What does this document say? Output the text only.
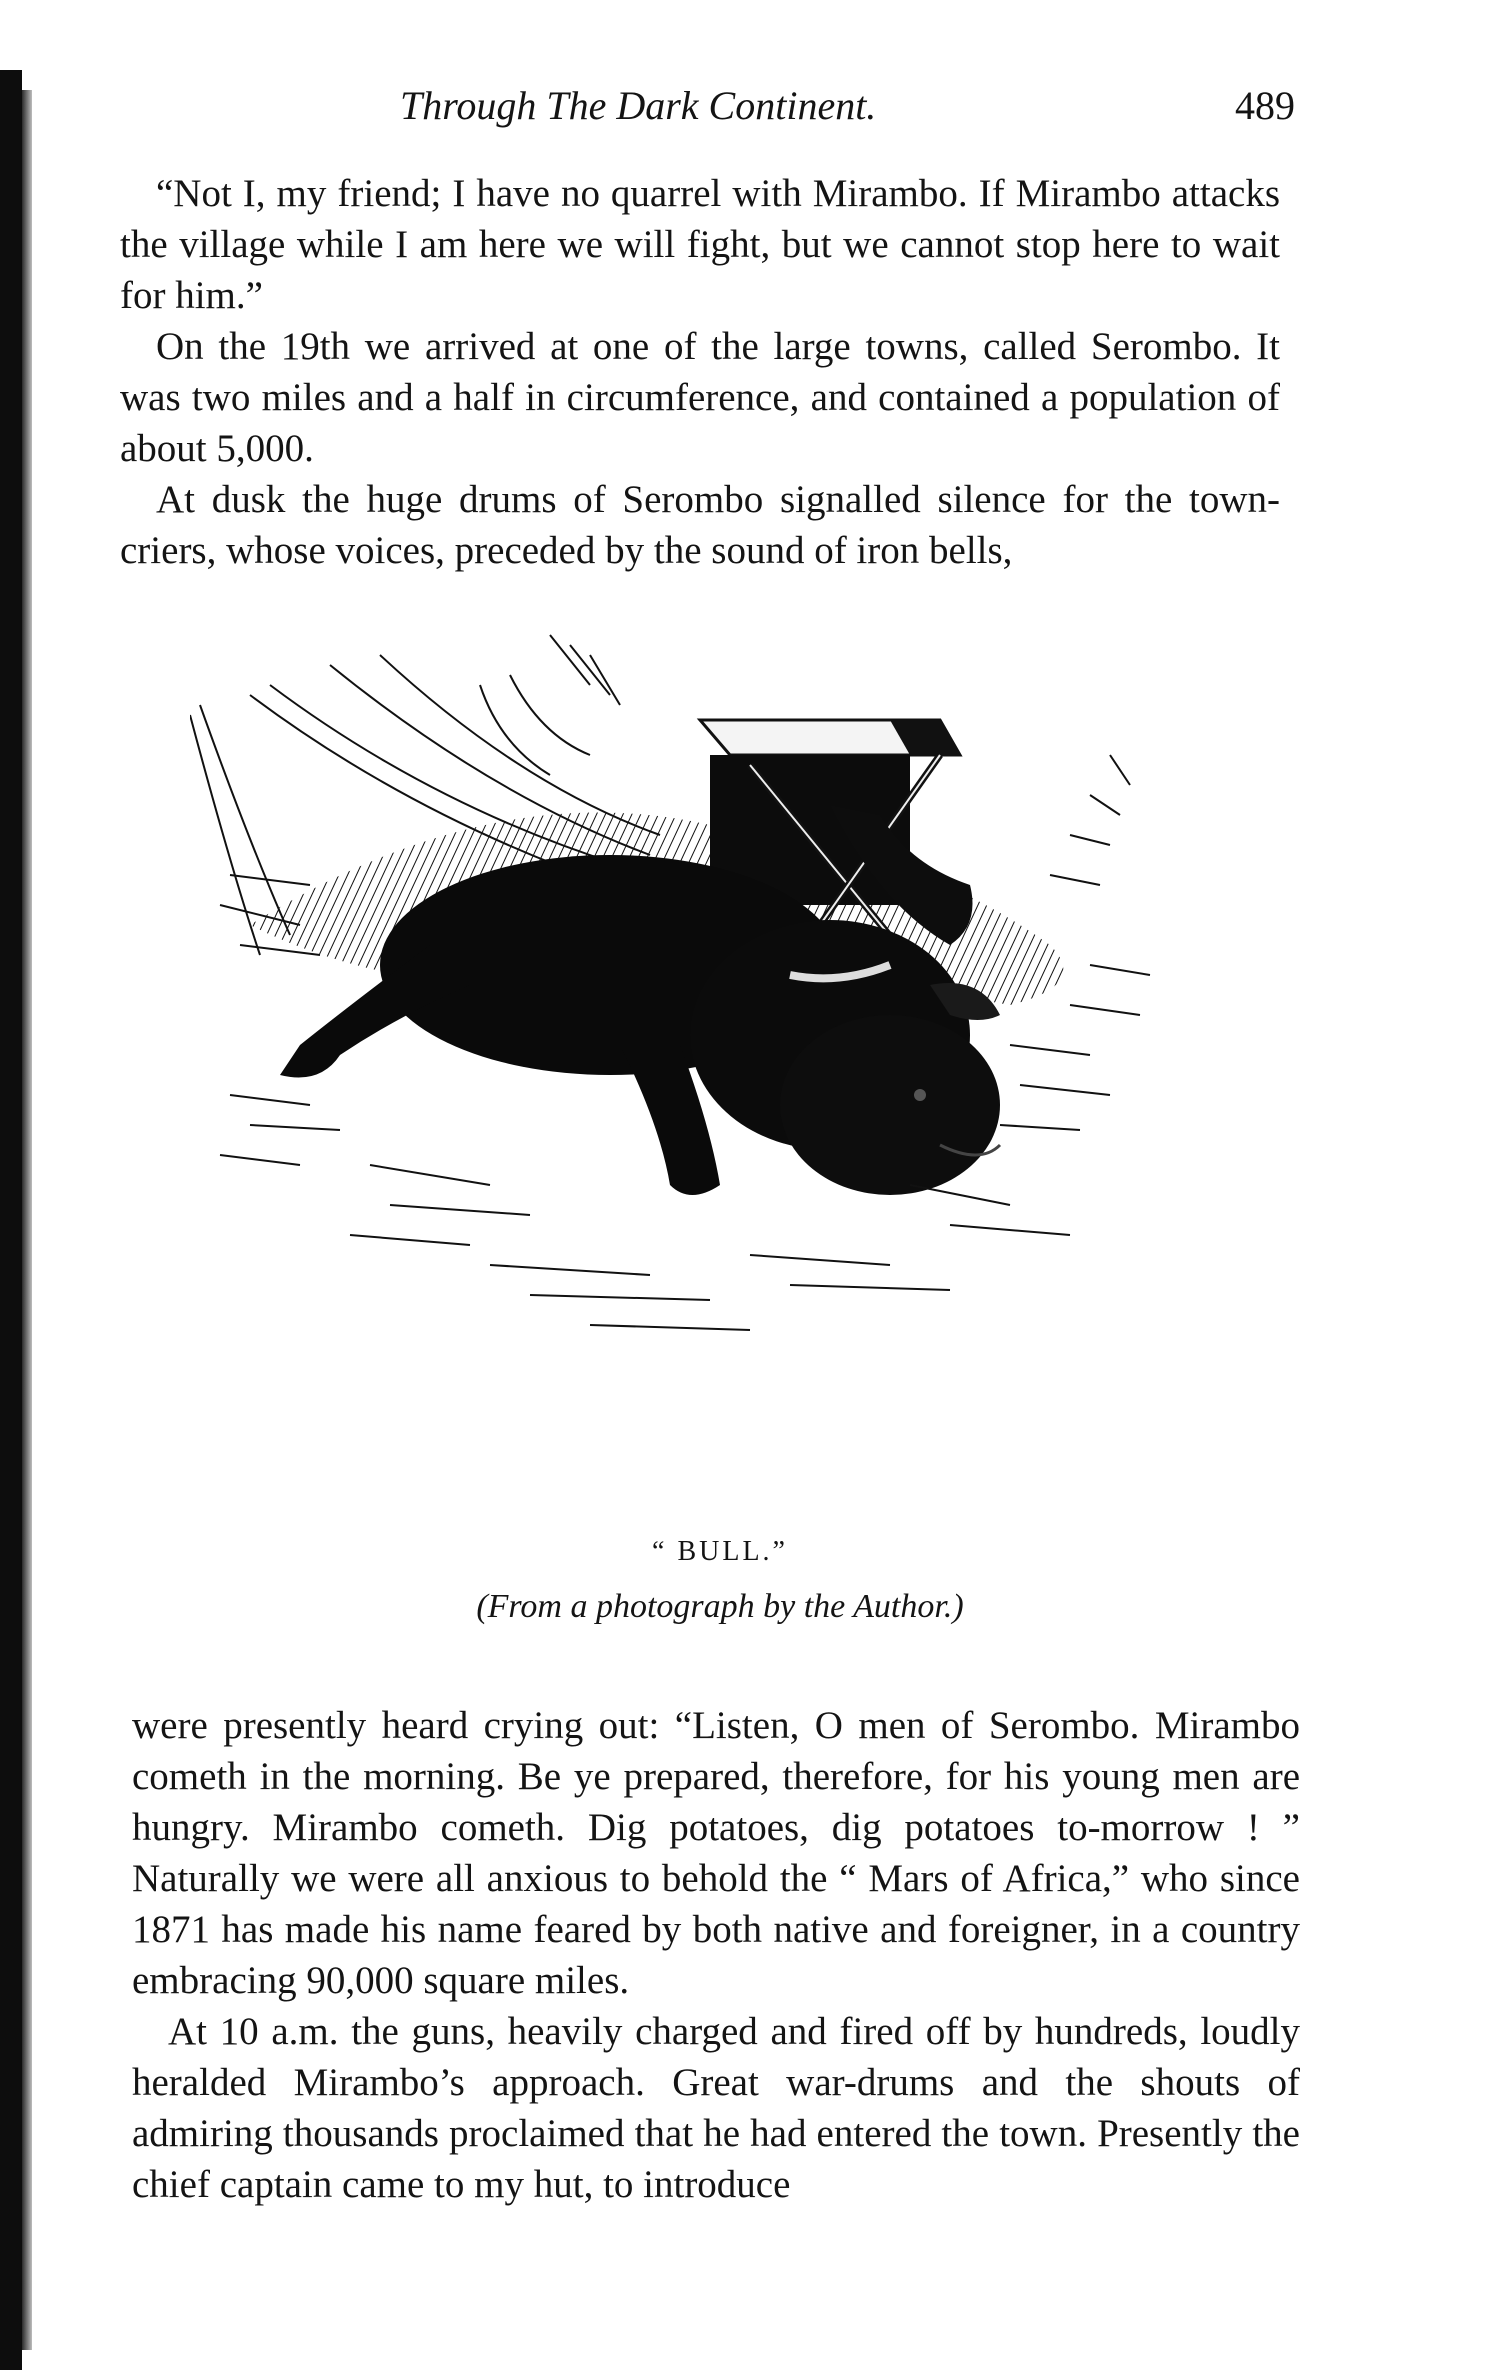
Through The Dark Continent.	489

“Not I, my friend; I have no quarrel with Mirambo. If Mirambo attacks the village while I am here we will fight, but we cannot stop here to wait for him.”

On the 19th we arrived at one of the large towns, called Serombo. It was two miles and a half in circumference, and contained a population of about 5,000.

At dusk the huge drums of Serombo signalled silence for the town-criers, whose voices, preceded by the sound of iron bells,

“ BULL.”
(From a photograph by the Author.)

were presently heard crying out: “Listen, O men of Serombo. Mirambo cometh in the morning. Be ye prepared, therefore, for his young men are hungry. Mirambo cometh. Dig potatoes, dig potatoes to-morrow ! ” Naturally we were all anxious to behold the “ Mars of Africa,” who since 1871 has made his name feared by both native and foreigner, in a country embracing 90,000 square miles.

At 10 a.m. the guns, heavily charged and fired off by hundreds, loudly heralded Mirambo’s approach. Great war-drums and the shouts of admiring thousands proclaimed that he had entered the town. Presently the chief captain came to my hut, to introduce
